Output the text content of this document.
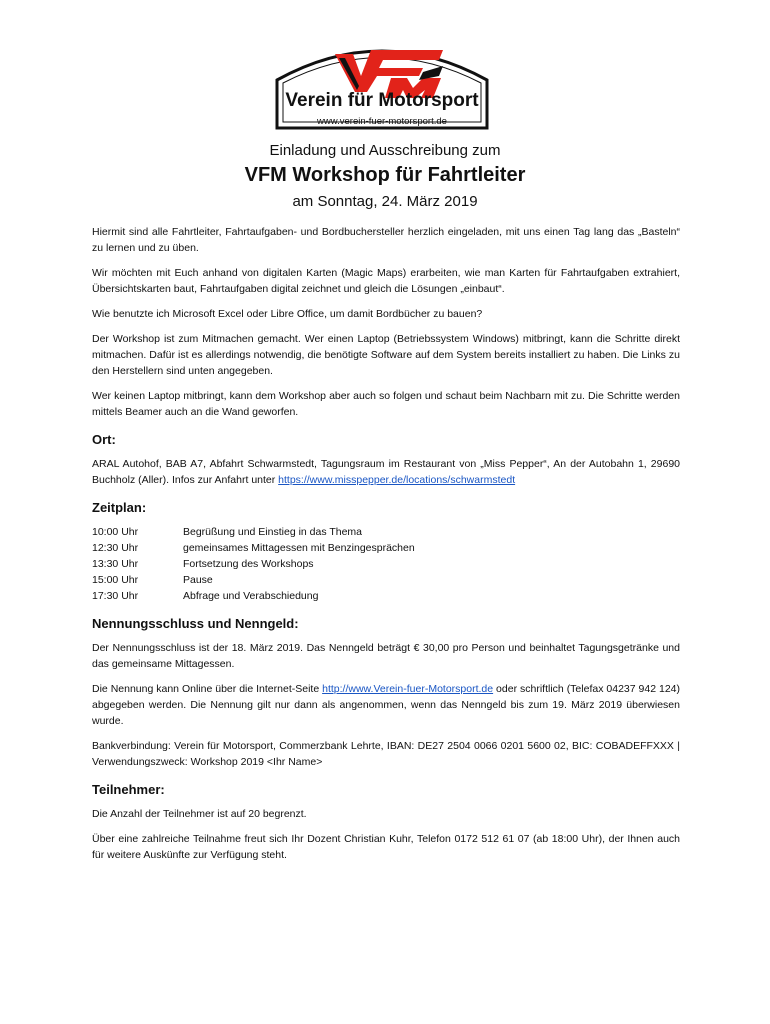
Verein für Motorsport
www.verein-fuer-motorsport.de
Einladung und Ausschreibung zum
VFM Workshop für Fahrtleiter
am Sonntag, 24. März 2019

Hiermit sind alle Fahrtleiter, Fahrtaufgaben- und Bordbuchersteller herzlich eingeladen, mit uns einen Tag lang das „Basteln“ zu lernen und zu üben.

Wir möchten mit Euch anhand von digitalen Karten (Magic Maps) erarbeiten, wie man Karten für Fahrtaufgaben extrahiert, Übersichtskarten baut, Fahrtaufgaben digital zeichnet und gleich die Lösungen „einbaut“.

Wie benutzte ich Microsoft Excel oder Libre Office, um damit Bordbücher zu bauen?

Der Workshop ist zum Mitmachen gemacht. Wer einen Laptop (Betriebssystem Windows) mitbringt, kann die Schritte direkt mitmachen. Dafür ist es allerdings notwendig, die benötigte Software auf dem System bereits installiert zu haben. Die Links zu den Herstellern sind unten angegeben.

Wer keinen Laptop mitbringt, kann dem Workshop aber auch so folgen und schaut beim Nachbarn mit zu. Die Schritte werden mittels Beamer auch an die Wand geworfen.

Ort:

ARAL Autohof, BAB A7, Abfahrt Schwarmstedt, Tagungsraum im Restaurant von „Miss Pepper“, An der Autobahn 1, 29690 Buchholz (Aller). Infos zur Anfahrt unter https://www.misspepper.de/locations/schwarmstedt

Zeitplan:
10:00 Uhr	Begrüßung und Einstieg in das Thema
12:30 Uhr	gemeinsames Mittagessen mit Benzingesprächen
13:30 Uhr	Fortsetzung des Workshops
15:00 Uhr	Pause
17:30 Uhr	Abfrage und Verabschiedung
Nennungsschluss und Nenngeld:

Der Nennungsschluss ist der 18. März 2019. Das Nenngeld beträgt € 30,00 pro Person und beinhaltet Tagungsgetränke und das gemeinsame Mittagessen.

Die Nennung kann Online über die Internet-Seite http://www.Verein-fuer-Motorsport.de oder schriftlich (Telefax 04237 942 124) abgegeben werden. Die Nennung gilt nur dann als angenommen, wenn das Nenngeld bis zum 19. März 2019 überwiesen wurde.

Bankverbindung: Verein für Motorsport, Commerzbank Lehrte, IBAN: DE27 2504 0066 0201 5600 02, BIC: COBADEFFXXX | Verwendungszweck: Workshop 2019 <Ihr Name>

Teilnehmer:

Die Anzahl der Teilnehmer ist auf 20 begrenzt.

Über eine zahlreiche Teilnahme freut sich Ihr Dozent Christian Kuhr, Telefon 0172 512 61 07 (ab 18:00 Uhr), der Ihnen auch für weitere Auskünfte zur Verfügung steht.
